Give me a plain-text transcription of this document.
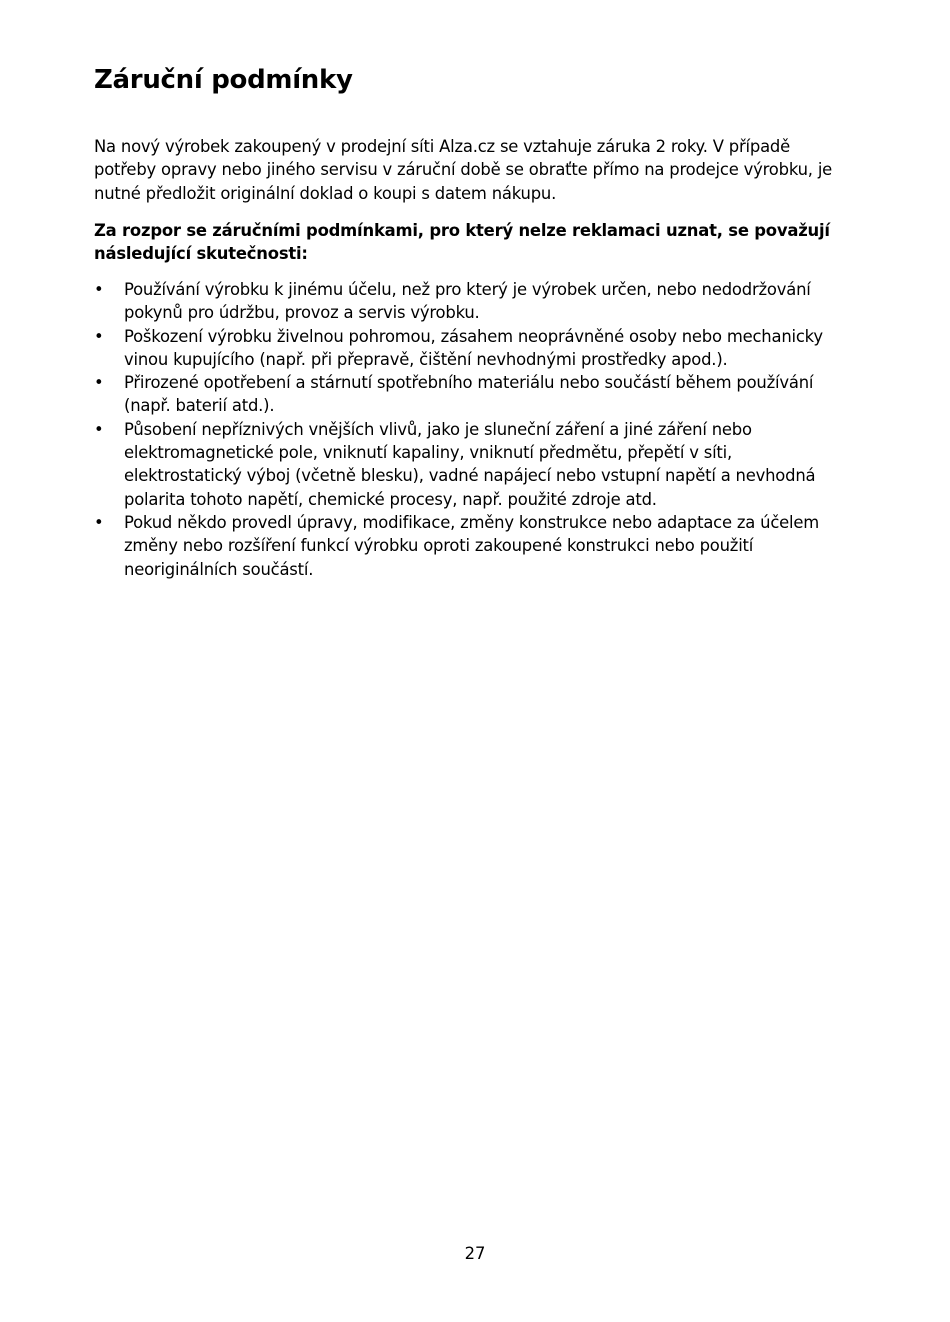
Záruční podmínky

Na nový výrobek zakoupený v prodejní síti Alza.cz se vztahuje záruka 2 roky. V případě potřeby opravy nebo jiného servisu v záruční době se obraťte přímo na prodejce výrobku, je nutné předložit originální doklad o koupi s datem nákupu.

Za rozpor se záručními podmínkami, pro který nelze reklamaci uznat, se považují následující skutečnosti:

• Používání výrobku k jinému účelu, než pro který je výrobek určen, nebo nedodržování pokynů pro údržbu, provoz a servis výrobku.
• Poškození výrobku živelnou pohromou, zásahem neoprávněné osoby nebo mechanicky vinou kupujícího (např. při přepravě, čištění nevhodnými prostředky apod.).
• Přirozené opotřebení a stárnutí spotřebního materiálu nebo součástí během používání (např. baterií atd.).
• Působení nepříznivých vnějších vlivů, jako je sluneční záření a jiné záření nebo elektromagnetické pole, vniknutí kapaliny, vniknutí předmětu, přepětí v síti, elektrostatický výboj (včetně blesku), vadné napájecí nebo vstupní napětí a nevhodná polarita tohoto napětí, chemické procesy, např. použité zdroje atd.
• Pokud někdo provedl úpravy, modifikace, změny konstrukce nebo adaptace za účelem změny nebo rozšíření funkcí výrobku oproti zakoupené konstrukci nebo použití neoriginálních součástí.
27
